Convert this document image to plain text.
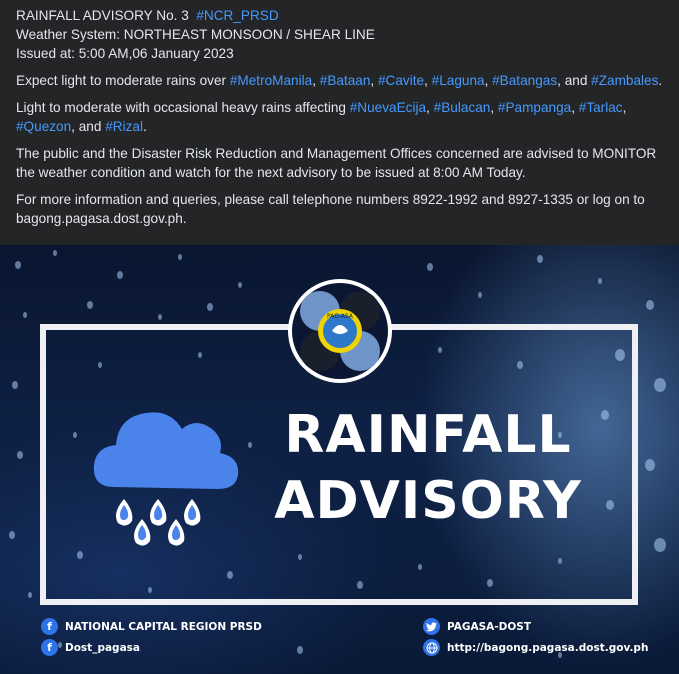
RAINFALL ADVISORY No. 3 #NCR_PRSD

Weather System: NORTHEAST MONSOON / SHEAR LINE

Issued at: 5:00 AM,06 January 2023

Expect light to moderate rains over #MetroManila, #Bataan, #Cavite, #Laguna, #Batangas, and #Zambales.

Light to moderate with occasional heavy rains affecting #NuevaEcija, #Bulacan, #Pampanga, #Tarlac, #Quezon, and #Rizal.

The public and the Disaster Risk Reduction and Management Offices concerned are advised to MONITOR the weather condition and watch for the next advisory to be issued at 8:00 AM Today.

For more information and queries, please call telephone numbers 8922-1992 and 8927-1335 or log on to bagong.pagasa.dost.gov.ph.

PAG-ASA
RAINFALL
ADVISORY
f	NATIONAL CAPITAL REGION PRSD
f	Dost_pagasa
PAGASA-DOST
http://bagong.pagasa.dost.gov.ph
